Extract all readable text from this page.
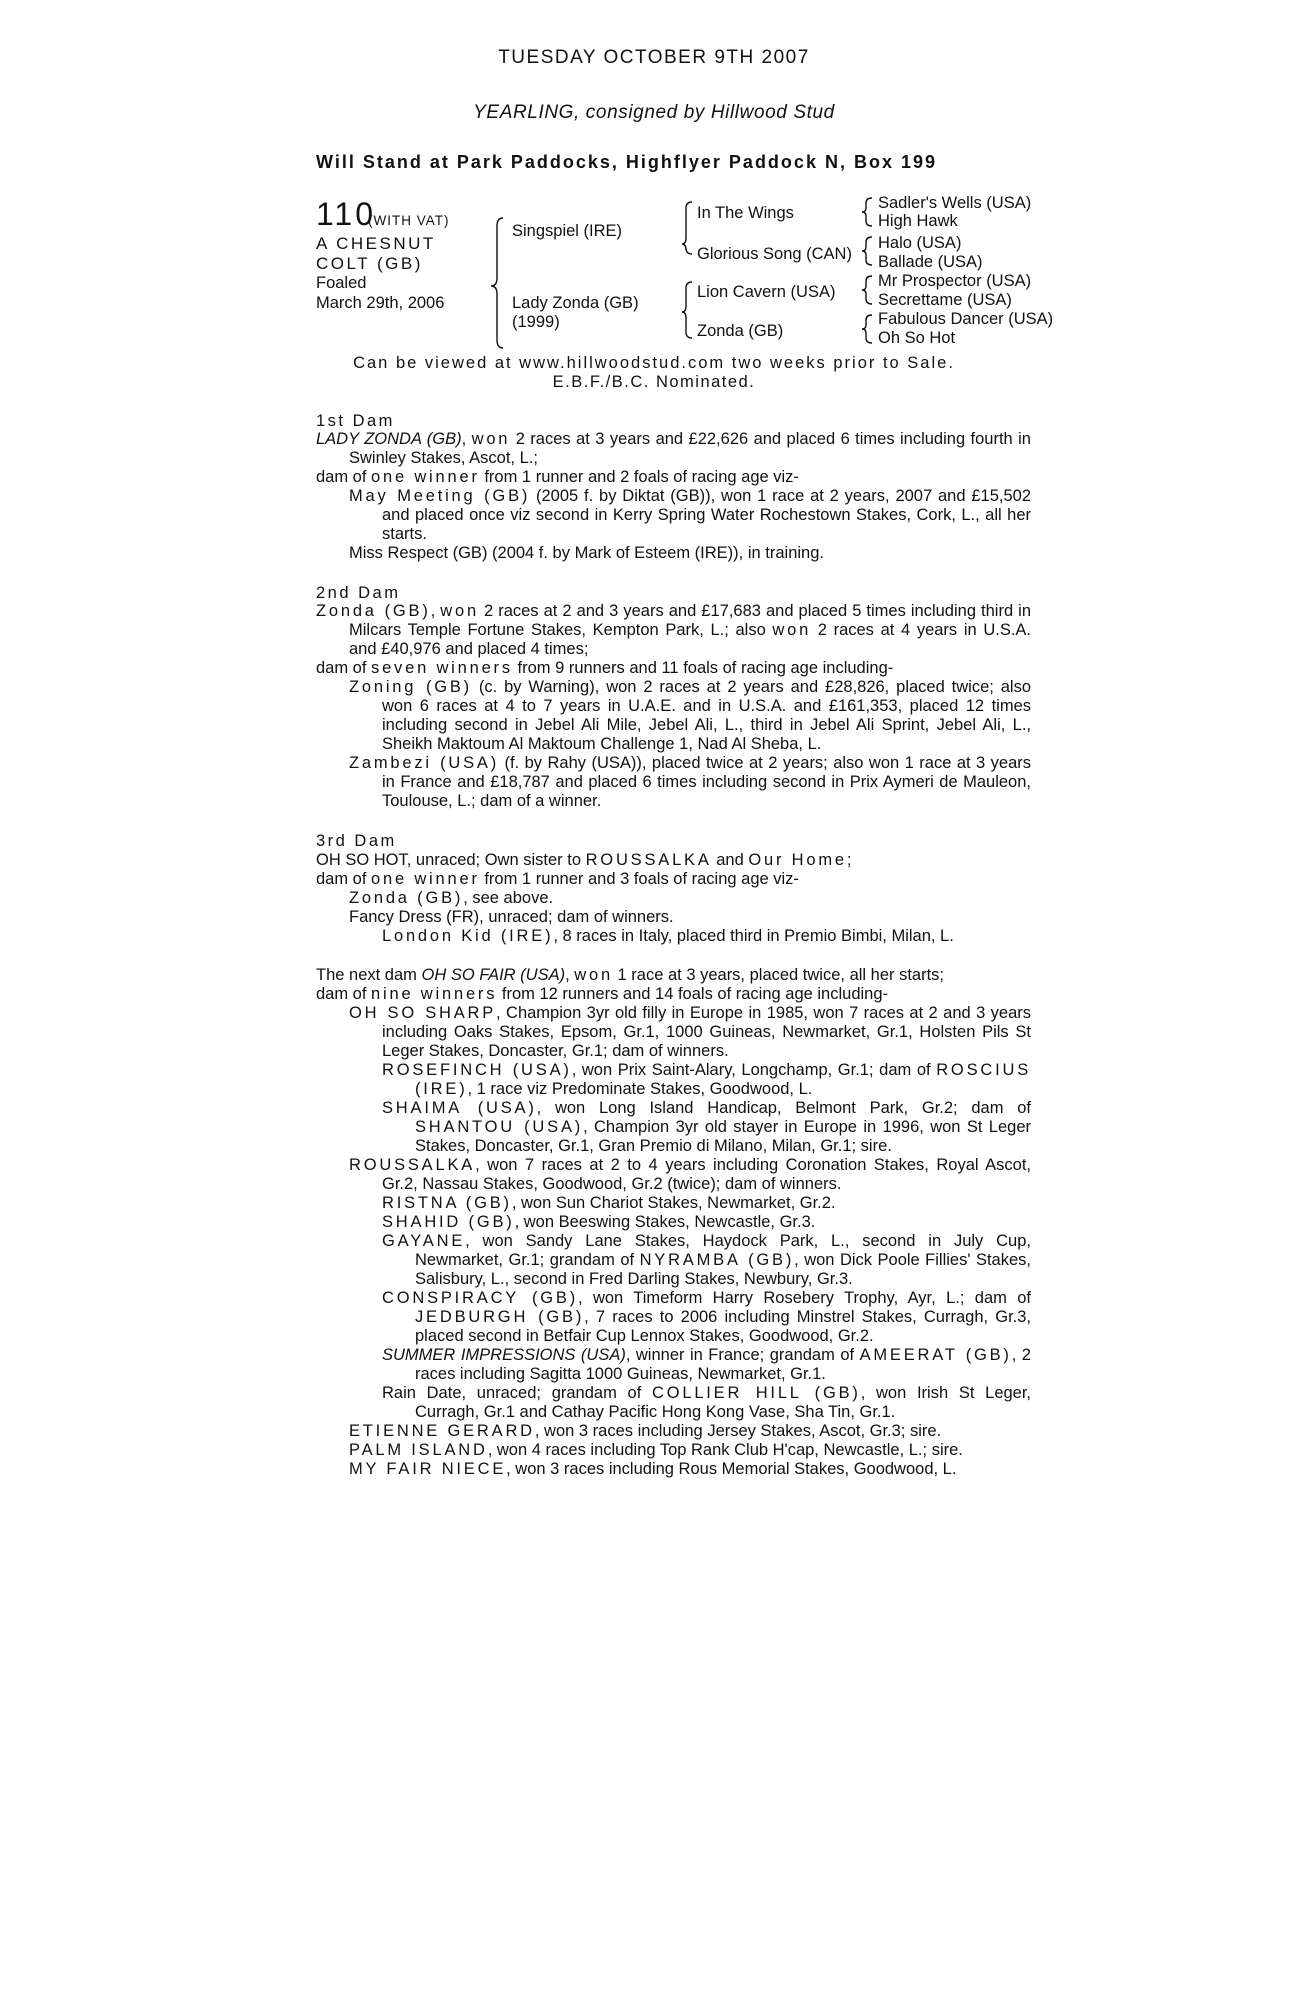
TUESDAY OCTOBER 9TH 2007
YEARLING, consigned by Hillwood Stud
Will Stand at Park Paddocks, Highflyer Paddock N, Box 199
110
(WITH VAT)
A CHESNUT COLT (GB)
Foaled
March 29th, 2006
Singspiel (IRE)
Lady Zonda (GB)
(1999)
In The Wings
Glorious Song (CAN)
Lion Cavern (USA)
Zonda (GB)
Sadler's Wells (USA)
High Hawk
Halo (USA)
Ballade (USA)
Mr Prospector (USA)
Secrettame (USA)
Fabulous Dancer (USA)
Oh So Hot
Can be viewed at www.hillwoodstud.com two weeks prior to Sale.
E.B.F./B.C. Nominated.
1st Dam
LADY ZONDA (GB), won 2 races at 3 years and £22,626 and placed 6 times including fourth in Swinley Stakes, Ascot, L.;
dam of one winner from 1 runner and 2 foals of racing age viz-
May Meeting (GB) (2005 f. by Diktat (GB)), won 1 race at 2 years, 2007 and £15,502 and placed once viz second in Kerry Spring Water Rochestown Stakes, Cork, L., all her starts.
Miss Respect (GB) (2004 f. by Mark of Esteem (IRE)), in training.
2nd Dam
Zonda (GB), won 2 races at 2 and 3 years and £17,683 and placed 5 times including third in Milcars Temple Fortune Stakes, Kempton Park, L.; also won 2 races at 4 years in U.S.A. and £40,976 and placed 4 times;
dam of seven winners from 9 runners and 11 foals of racing age including-
Zoning (GB) (c. by Warning), won 2 races at 2 years and £28,826, placed twice; also won 6 races at 4 to 7 years in U.A.E. and in U.S.A. and £161,353, placed 12 times including second in Jebel Ali Mile, Jebel Ali, L., third in Jebel Ali Sprint, Jebel Ali, L., Sheikh Maktoum Al Maktoum Challenge 1, Nad Al Sheba, L.
Zambezi (USA) (f. by Rahy (USA)), placed twice at 2 years; also won 1 race at 3 years in France and £18,787 and placed 6 times including second in Prix Aymeri de Mauleon, Toulouse, L.; dam of a winner.
3rd Dam
OH SO HOT, unraced; Own sister to ROUSSALKA and Our Home;
dam of one winner from 1 runner and 3 foals of racing age viz-
Zonda (GB), see above.
Fancy Dress (FR), unraced; dam of winners.
London Kid (IRE), 8 races in Italy, placed third in Premio Bimbi, Milan, L.
The next dam OH SO FAIR (USA), won 1 race at 3 years, placed twice, all her starts;
dam of nine winners from 12 runners and 14 foals of racing age including-
OH SO SHARP, Champion 3yr old filly in Europe in 1985, won 7 races at 2 and 3 years including Oaks Stakes, Epsom, Gr.1, 1000 Guineas, Newmarket, Gr.1, Holsten Pils St Leger Stakes, Doncaster, Gr.1; dam of winners.
ROSEFINCH (USA), won Prix Saint-Alary, Longchamp, Gr.1; dam of ROSCIUS (IRE), 1 race viz Predominate Stakes, Goodwood, L.
SHAIMA (USA), won Long Island Handicap, Belmont Park, Gr.2; dam of SHANTOU (USA), Champion 3yr old stayer in Europe in 1996, won St Leger Stakes, Doncaster, Gr.1, Gran Premio di Milano, Milan, Gr.1; sire.
ROUSSALKA, won 7 races at 2 to 4 years including Coronation Stakes, Royal Ascot, Gr.2, Nassau Stakes, Goodwood, Gr.2 (twice); dam of winners.
RISTNA (GB), won Sun Chariot Stakes, Newmarket, Gr.2.
SHAHID (GB), won Beeswing Stakes, Newcastle, Gr.3.
GAYANE, won Sandy Lane Stakes, Haydock Park, L., second in July Cup, Newmarket, Gr.1; grandam of NYRAMBA (GB), won Dick Poole Fillies' Stakes, Salisbury, L., second in Fred Darling Stakes, Newbury, Gr.3.
CONSPIRACY (GB), won Timeform Harry Rosebery Trophy, Ayr, L.; dam of JEDBURGH (GB), 7 races to 2006 including Minstrel Stakes, Curragh, Gr.3, placed second in Betfair Cup Lennox Stakes, Goodwood, Gr.2.
SUMMER IMPRESSIONS (USA), winner in France; grandam of AMEERAT (GB), 2 races including Sagitta 1000 Guineas, Newmarket, Gr.1.
Rain Date, unraced; grandam of COLLIER HILL (GB), won Irish St Leger, Curragh, Gr.1 and Cathay Pacific Hong Kong Vase, Sha Tin, Gr.1.
ETIENNE GERARD, won 3 races including Jersey Stakes, Ascot, Gr.3; sire.
PALM ISLAND, won 4 races including Top Rank Club H'cap, Newcastle, L.; sire.
MY FAIR NIECE, won 3 races including Rous Memorial Stakes, Goodwood, L.
